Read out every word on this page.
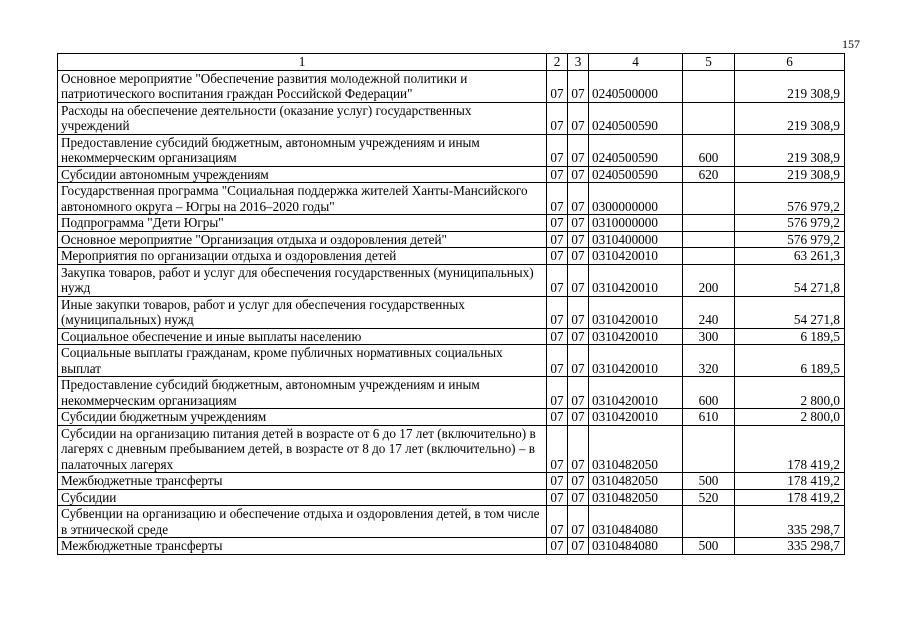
157
1	2	3	4	5	6
Основное мероприятие "Обеспечение развития молодежной политики и патриотического воспитания граждан Российской Федерации"	07	07	0240500000		219 308,9
Расходы на обеспечение деятельности (оказание услуг) государственных учреждений	07	07	0240500590		219 308,9
Предоставление субсидий бюджетным, автономным учреждениям и иным некоммерческим организациям	07	07	0240500590	600	219 308,9
Субсидии автономным учреждениям	07	07	0240500590	620	219 308,9
Государственная программа "Социальная поддержка жителей Ханты-Мансийского автономного округа – Югры на 2016–2020 годы"	07	07	0300000000		576 979,2
Подпрограмма "Дети Югры"	07	07	0310000000		576 979,2
Основное мероприятие "Организация отдыха и оздоровления детей"	07	07	0310400000		576 979,2
Мероприятия по организации отдыха и оздоровления детей	07	07	0310420010		63 261,3
Закупка товаров, работ и услуг для обеспечения государственных (муниципальных) нужд	07	07	0310420010	200	54 271,8
Иные закупки товаров, работ и услуг для обеспечения государственных (муниципальных) нужд	07	07	0310420010	240	54 271,8
Социальное обеспечение и иные выплаты населению	07	07	0310420010	300	6 189,5
Социальные выплаты гражданам, кроме публичных нормативных социальных выплат	07	07	0310420010	320	6 189,5
Предоставление субсидий бюджетным, автономным учреждениям и иным некоммерческим организациям	07	07	0310420010	600	2 800,0
Субсидии бюджетным учреждениям	07	07	0310420010	610	2 800,0
Субсидии на организацию питания детей в возрасте от 6 до 17 лет (включительно) в лагерях с дневным пребыванием детей, в возрасте от 8 до 17 лет (включительно) – в палаточных лагерях	07	07	0310482050		178 419,2
Межбюджетные трансферты	07	07	0310482050	500	178 419,2
Субсидии	07	07	0310482050	520	178 419,2
Субвенции на организацию и обеспечение отдыха и оздоровления детей, в том числе в этнической среде	07	07	0310484080		335 298,7
Межбюджетные трансферты	07	07	0310484080	500	335 298,7
